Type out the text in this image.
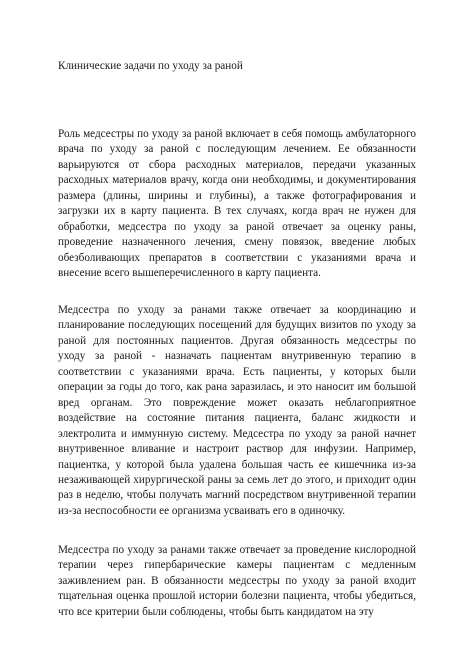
Клинические задачи по уходу за раной

Роль медсестры по уходу за раной включает в себя помощь амбулаторного врача по уходу за раной с последующим лечением. Ее обязанности варьируются от сбора расходных материалов, передачи указанных расходных материалов врачу, когда они необходимы, и документирования размера (длины, ширины и глубины), а также фотографирования и загрузки их в карту пациента. В тех случаях, когда врач не нужен для обработки, медсестра по уходу за раной отвечает за оценку раны, проведение назначенного лечения, смену повязок, введение любых обезболивающих препаратов в соответствии с указаниями врача и внесение всего вышеперечисленного в карту пациента.

Медсестра по уходу за ранами также отвечает за координацию и планирование последующих посещений для будущих визитов по уходу за раной для постоянных пациентов. Другая обязанность медсестры по уходу за раной - назначать пациентам внутривенную терапию в соответствии с указаниями врача. Есть пациенты, у которых были операции за годы до того, как рана заразилась, и это наносит им большой вред органам. Это повреждение может оказать неблагоприятное воздействие на состояние питания пациента, баланс жидкости и электролита и иммунную систему. Медсестра по уходу за раной начнет внутривенное вливание и настроит раствор для инфузии. Например, пациентка, у которой была удалена большая часть ее кишечника из-за незаживающей хирургической раны за семь лет до этого, и приходит один раз в неделю, чтобы получать магний посредством внутривенной терапии из-за неспособности ее организма усваивать его в одиночку.

Медсестра по уходу за ранами также отвечает за проведение кислородной терапии через гипербарические камеры пациентам с медленным заживлением ран. В обязанности медсестры по уходу за раной входит тщательная оценка прошлой истории болезни пациента, чтобы убедиться, что все критерии были соблюдены, чтобы быть кандидатом на эту
